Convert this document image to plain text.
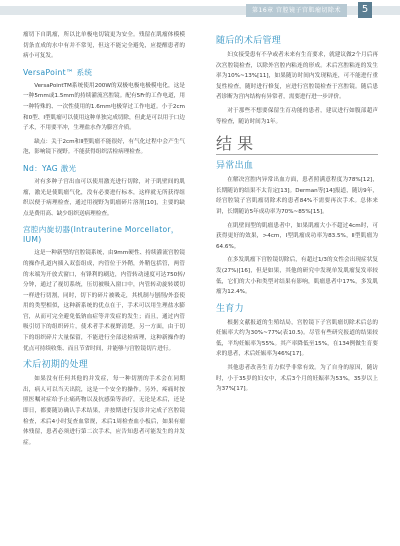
第16章 宫腔镜子宫肌瘤切除术	5

瘤切下自肌瘤，所以比单极电切镜更为安全。残留在肌瘤体模模切条直成的水中有并不常见，但这不能完全避免，应提醒患者的病小可复发。

VersaPoint™ 系统

VersaPointTM系统使用200W的双极电极电极模电化，这是一种5mm或1.5mm的持续灌流宫腔镜。配有5Fr的工作电道，用一种特殊的、一次性使用的1.6mm电极穿过工作电道。小于2cm和0型、I型肌瘤可以使用这种单独完成切除，但此是可以用于口边子术，不用要平冲，生理盐水作为膨宫介质。

缺点：关于2cm和Ⅱ型肌瘤不能很好，有气化过程中会产生气泡，影响镜下视野。不能获得组织活检病理检查。

Nd：YAG 激光

对有多种子宫出血可以使用激光进行切除，对于肌壁间的肌瘤，激光是使肌瘤气化，没有必要进行标本，这样就无所获得组织以便于病理检查，通过用视野为肌瘤碎片溶剂[10]，主要的缺点是费用高、缺少组织送病理检查。

宫腔内旋切器(Intrauterine Morcellator，IUM)

这是一种新型的宫腔镜系统，由9mm硬性、持续灌流宫腔镜的操作孔道内插入双套组成，内管位于外鞘，外鞘包括管，两管的末端为开放式窗口，有锋利的刷边，内管转动速度可达750转/分钟，通过了视切系统，压切被吸入窗口中，内管转动旋转缓切一样进行切割，同时，切下的碎片被吸走，其机制与刨削/外套使用的类型相似，这种新系统的优点在于，手术可以用生理盐水膨宫，从而可完全避免低钠血症等并发症的发生；而且，通过内管吸引切下的组织碎片，使术者手术视野清楚，另一方面，由于切下的组织碎片大量保留，不能进行全部送检病理，这种新操作的优点可持续收集、而且节省时间，并能够与宫腔镜切片进行。

术后初期的处理

如果没有任何其他的并发症，每一种切割的手术会在同期出，病人可以当天出院，这是一个安全的操作。另外，疼痛时按照医嘱对症给予止痛药物以及抗感染等治疗，无论是术后，还是即日，都要随访确认手术结果，并按期进行复诊并完成子宫腔镜检查，术后4小时复查血常规，术后1周检查血小板后，如果有瘤体残留，患者必须进行第二次手术，应告知患者可能发生的并发症。

随后的术后管理

妇女接受患有不孕或者未来有生育要求，就建议做2个月后再次宫腔镜检查，以除外宫腔内粘连的形成。术后宫腔粘连的发生率为10%~13%[11]，如果随访时间内发现粘连，可不能进行重复性检查，随时进行修复，应进行宫腔镜检查于宫腔镜。随后患者诊断为宫内结构有异常者，需要进行进一步评价。

对于那些不想要保留生育功能的患者，建议进行如腹部超声等检查，随访时间为1年。

结 果
异常出血

在解决宫腔内异常出血方面，患者照满意程度为78%[12]，长期随访的结果不太肯定[13]。Derman等[14]报道，随访9年，经宫腔镜子宫肌瘤切除术的患者84%不需要再次手术。总体来讲，长期随访5年成功率为70%~85%[15]。

在肌壁间型的肌瘤患者中，如果肌瘤大小不超过4cm时，可获得更好的效果，>4cm，I型肌瘤成功率为83.5%，Ⅱ型肌瘤为64.6%。

在多发肌瘤下宫腔镜切除后，有超过1/3的女性会出现症状复发(27%)[16]，但是如果，其他的研究中发现单发肌瘤复发率较低，它们的大小和类型对结果有影响，肌瘤患者中17%，多发肌瘤为12.4%。

生育力

根据文献报道的生殖结局，宫腔镜下子宫肌瘤切除术后总的妊娠率大约为30%~77%(表10.5)。尽管有些研究报道的结果较低，平均妊娠率为55%。其产率降低至15%，在134例做生育要求的患者，术后妊娠率为46%[17]。

其他患者改善生育力似乎非常有效。为了自身的原因，随访时，小于35岁的妇女中，术后3个月的妊娠率为53%，35岁以上为37%[17]。
